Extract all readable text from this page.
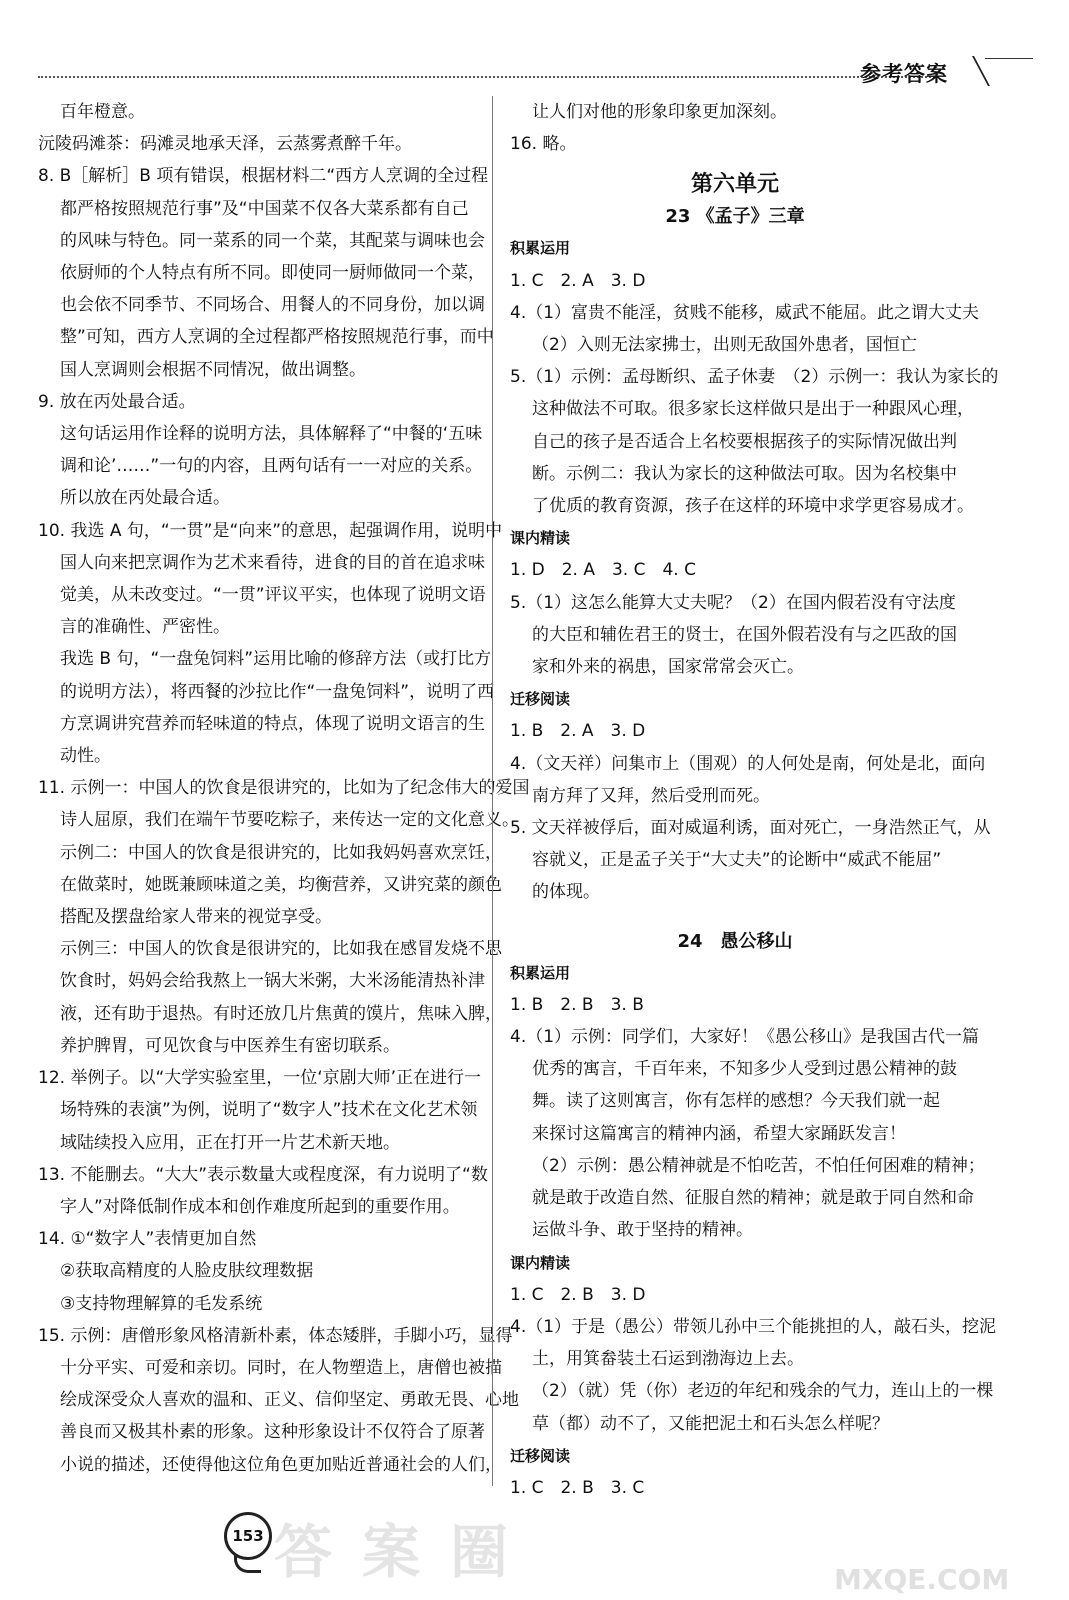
参考答案
百年橙意。
沅陵码滩茶：码滩灵地承天泽，云蒸雾煮醉千年。
8. B［解析］B 项有错误，根据材料二“西方人烹调的全过程
都严格按照规范行事”及“中国菜不仅各大菜系都有自己
的风味与特色。同一菜系的同一个菜，其配菜与调味也会
依厨师的个人特点有所不同。即使同一厨师做同一个菜，
也会依不同季节、不同场合、用餐人的不同身份，加以调
整”可知，西方人烹调的全过程都严格按照规范行事，而中
国人烹调则会根据不同情况，做出调整。
9. 放在丙处最合适。
这句话运用作诠释的说明方法，具体解释了“中餐的‘五味
调和论’……”一句的内容，且两句话有一一对应的关系。
所以放在丙处最合适。
10. 我选 A 句，“一贯”是“向来”的意思，起强调作用，说明中
国人向来把烹调作为艺术来看待，进食的目的首在追求味
觉美，从未改变过。“一贯”评议平实，也体现了说明文语
言的准确性、严密性。
我选 B 句，“一盘兔饲料”运用比喻的修辞方法（或打比方
的说明方法），将西餐的沙拉比作“一盘兔饲料”，说明了西
方烹调讲究营养而轻味道的特点，体现了说明文语言的生
动性。
11. 示例一：中国人的饮食是很讲究的，比如为了纪念伟大的爱国
诗人屈原，我们在端午节要吃粽子，来传达一定的文化意义。
示例二：中国人的饮食是很讲究的，比如我妈妈喜欢烹饪，
在做菜时，她既兼顾味道之美，均衡营养，又讲究菜的颜色
搭配及摆盘给家人带来的视觉享受。
示例三：中国人的饮食是很讲究的，比如我在感冒发烧不思
饮食时，妈妈会给我熬上一锅大米粥，大米汤能清热补津
液，还有助于退热。有时还放几片焦黄的馍片，焦味入脾，
养护脾胃，可见饮食与中医养生有密切联系。
12. 举例子。以“大学实验室里，一位‘京剧大师’正在进行一
场特殊的表演”为例，说明了“数字人”技术在文化艺术领
域陆续投入应用，正在打开一片艺术新天地。
13. 不能删去。“大大”表示数量大或程度深，有力说明了“数
字人”对降低制作成本和创作难度所起到的重要作用。
14. ①“数字人”表情更加自然
②获取高精度的人脸皮肤纹理数据
③支持物理解算的毛发系统
15. 示例：唐僧形象风格清新朴素，体态矮胖，手脚小巧，显得
十分平实、可爱和亲切。同时，在人物塑造上，唐僧也被描
绘成深受众人喜欢的温和、正义、信仰坚定、勇敢无畏、心地
善良而又极其朴素的形象。这种形象设计不仅符合了原著
小说的描述，还使得他这位角色更加贴近普通社会的人们，
让人们对他的形象印象更加深刻。
16. 略。
第六单元
23 《孟子》三章
积累运用
1. C　2. A　3. D
4.（1）富贵不能淫，贫贱不能移，威武不能屈。此之谓大丈夫
（2）入则无法家拂士，出则无敌国外患者，国恒亡
5.（1）示例：孟母断织、孟子休妻　（2）示例一：我认为家长的
这种做法不可取。很多家长这样做只是出于一种跟风心理，
自己的孩子是否适合上名校要根据孩子的实际情况做出判
断。示例二：我认为家长的这种做法可取。因为名校集中
了优质的教育资源，孩子在这样的环境中求学更容易成才。
课内精读
1. D　2. A　3. C　4. C
5.（1）这怎么能算大丈夫呢？（2）在国内假若没有守法度
的大臣和辅佐君王的贤士，在国外假若没有与之匹敌的国
家和外来的祸患，国家常常会灭亡。
迁移阅读
1. B　2. A　3. D
4.（文天祥）问集市上（围观）的人何处是南，何处是北，面向
南方拜了又拜，然后受刑而死。
5. 文天祥被俘后，面对威逼利诱，面对死亡，一身浩然正气，从
容就义，正是孟子关于“大丈夫”的论断中“威武不能屈”
的体现。
24　愚公移山
积累运用
1. B　2. B　3. B
4.（1）示例：同学们，大家好！《愚公移山》是我国古代一篇
优秀的寓言，千百年来，不知多少人受到过愚公精神的鼓
舞。读了这则寓言，你有怎样的感想？今天我们就一起
来探讨这篇寓言的精神内涵，希望大家踊跃发言！
（2）示例：愚公精神就是不怕吃苦，不怕任何困难的精神；
就是敢于改造自然、征服自然的精神；就是敢于同自然和命
运做斗争、敢于坚持的精神。
课内精读
1. C　2. B　3. D
4.（1）于是（愚公）带领儿孙中三个能挑担的人，敲石头，挖泥
土，用箕畚装土石运到渤海边上去。
（2）（就）凭（你）老迈的年纪和残余的气力，连山上的一棵
草（都）动不了，又能把泥土和石头怎么样呢？
迁移阅读
1. C　2. B　3. C
答案圈	MXQE.COM
153
